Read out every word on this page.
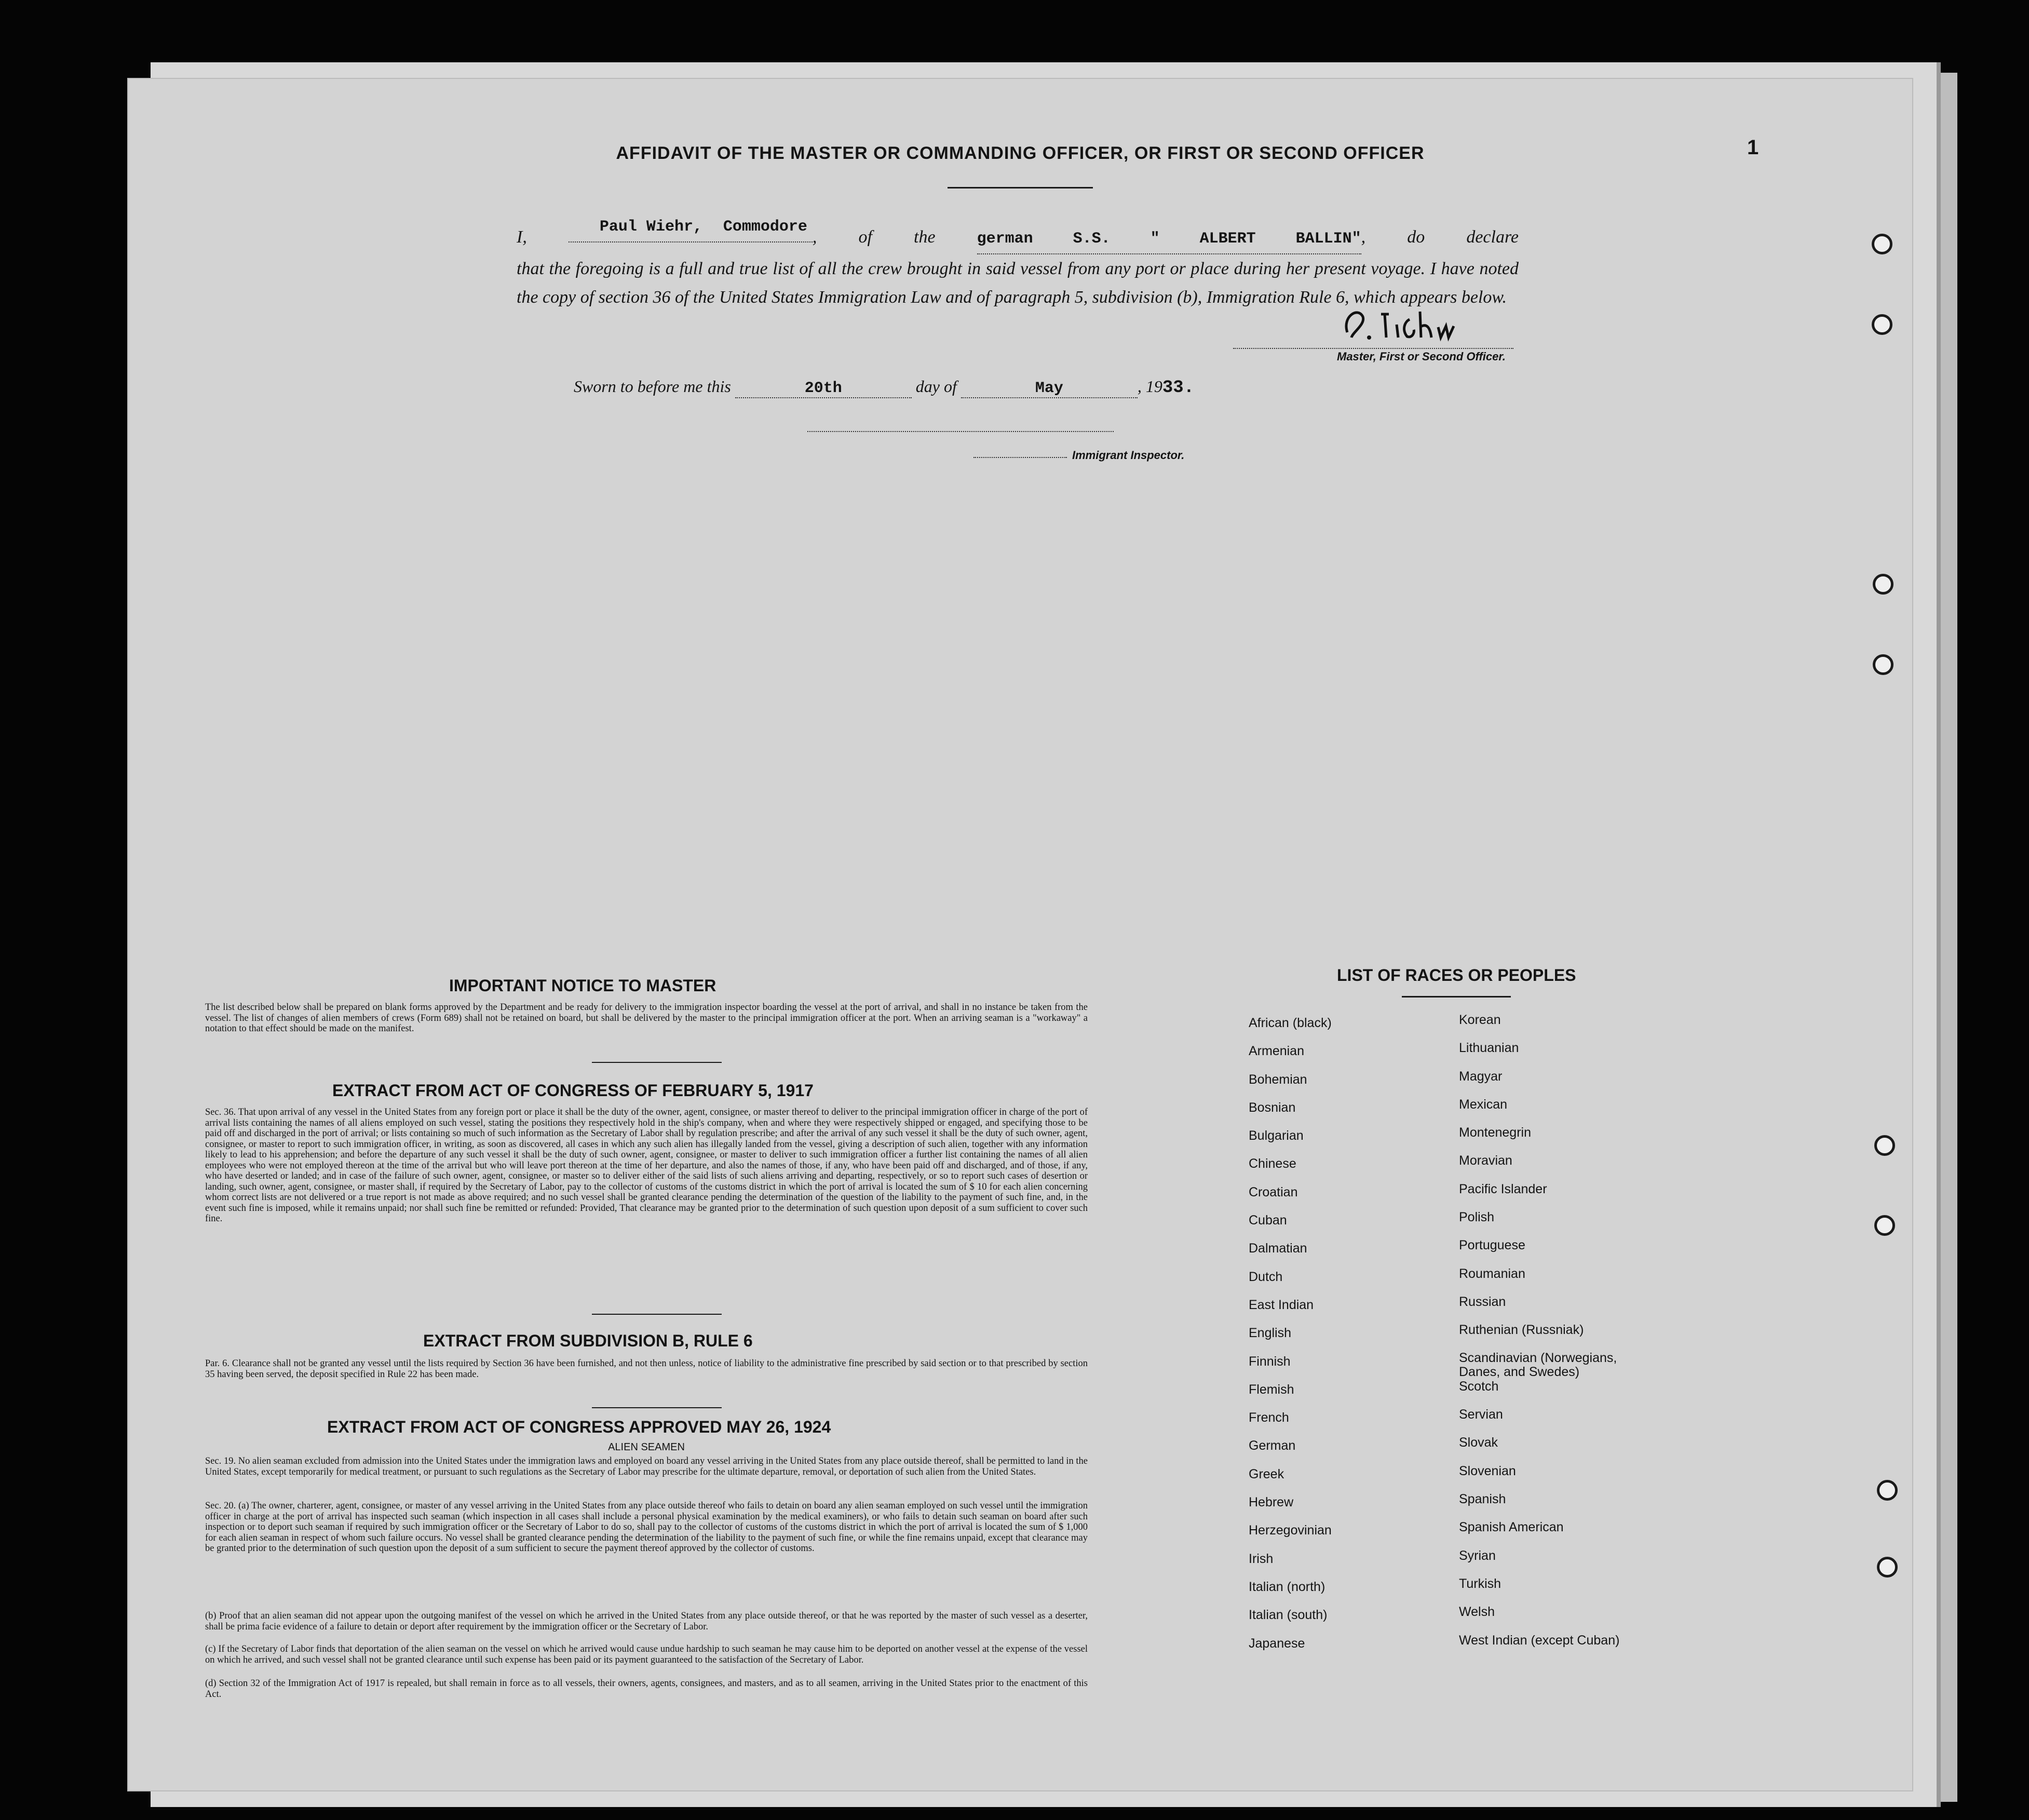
1
AFFIDAVIT OF THE MASTER OR COMMANDING OFFICER, OR FIRST OR SECOND OFFICER
I,
Paul Wiehr, Commodore
, of the	german S.S. " ALBERT BALLIN", do declare
that the foregoing is a full and true list of all the crew brought in said vessel from any port or place during her present voyage. I have noted the copy of section 36 of the United States Immigration Law and of paragraph 5, subdivision (b), Immigration Rule 6, which appears below.
Master, First or Second Officer.
Sworn to before me this	20th	day of	May	, 1933.
Immigrant Inspector.
IMPORTANT NOTICE TO MASTER
The list described below shall be prepared on blank forms approved by the Department and be ready for delivery to the immigration inspector boarding the vessel at the port of arrival, and shall in no instance be taken from the vessel. The list of changes of alien members of crews (Form 689) shall not be retained on board, but shall be delivered by the master to the principal immigration officer at the port. When an arriving seaman is a "workaway" a notation to that effect should be made on the manifest.
EXTRACT FROM ACT OF CONGRESS OF FEBRUARY 5, 1917
Sec. 36. That upon arrival of any vessel in the United States from any foreign port or place it shall be the duty of the owner, agent, consignee, or master thereof to deliver to the principal immigration officer in charge of the port of arrival lists containing the names of all aliens employed on such vessel, stating the positions they respectively hold in the ship's company, when and where they were respectively shipped or engaged, and specifying those to be paid off and discharged in the port of arrival; or lists containing so much of such information as the Secretary of Labor shall by regulation prescribe; and after the arrival of any such vessel it shall be the duty of such owner, agent, consignee, or master to report to such immigration officer, in writing, as soon as discovered, all cases in which any such alien has illegally landed from the vessel, giving a description of such alien, together with any information likely to lead to his apprehension; and before the departure of any such vessel it shall be the duty of such owner, agent, consignee, or master to deliver to such immigration officer a further list containing the names of all alien employees who were not employed thereon at the time of the arrival but who will leave port thereon at the time of her departure, and also the names of those, if any, who have been paid off and discharged, and of those, if any, who have deserted or landed; and in case of the failure of such owner, agent, consignee, or master so to deliver either of the said lists of such aliens arriving and departing, respectively, or so to report such cases of desertion or landing, such owner, agent, consignee, or master shall, if required by the Secretary of Labor, pay to the collector of customs of the customs district in which the port of arrival is located the sum of $ 10 for each alien concerning whom correct lists are not delivered or a true report is not made as above required; and no such vessel shall be granted clearance pending the determination of the question of the liability to the payment of such fine, and, in the event such fine is imposed, while it remains unpaid; nor shall such fine be remitted or refunded: Provided, That clearance may be granted prior to the determination of such question upon deposit of a sum sufficient to cover such fine.
EXTRACT FROM SUBDIVISION B, RULE 6
Par. 6. Clearance shall not be granted any vessel until the lists required by Section 36 have been furnished, and not then unless, notice of liability to the administrative fine prescribed by said section or to that prescribed by section 35 having been served, the deposit specified in Rule 22 has been made.
EXTRACT FROM ACT OF CONGRESS APPROVED MAY 26, 1924
ALIEN SEAMEN
Sec. 19. No alien seaman excluded from admission into the United States under the immigration laws and employed on board any vessel arriving in the United States from any place outside thereof, shall be permitted to land in the United States, except temporarily for medical treatment, or pursuant to such regulations as the Secretary of Labor may prescribe for the ultimate departure, removal, or deportation of such alien from the United States.
Sec. 20. (a) The owner, charterer, agent, consignee, or master of any vessel arriving in the United States from any place outside thereof who fails to detain on board any alien seaman employed on such vessel until the immigration officer in charge at the port of arrival has inspected such seaman (which inspection in all cases shall include a personal physical examination by the medical examiners), or who fails to detain such seaman on board after such inspection or to deport such seaman if required by such immigration officer or the Secretary of Labor to do so, shall pay to the collector of customs of the customs district in which the port of arrival is located the sum of $ 1,000 for each alien seaman in respect of whom such failure occurs. No vessel shall be granted clearance pending the determination of the liability to the payment of such fine, or while the fine remains unpaid, except that clearance may be granted prior to the determination of such question upon the deposit of a sum sufficient to secure the payment thereof approved by the collector of customs.
(b) Proof that an alien seaman did not appear upon the outgoing manifest of the vessel on which he arrived in the United States from any place outside thereof, or that he was reported by the master of such vessel as a deserter, shall be prima facie evidence of a failure to detain or deport after requirement by the immigration officer or the Secretary of Labor.
(c) If the Secretary of Labor finds that deportation of the alien seaman on the vessel on which he arrived would cause undue hardship to such seaman he may cause him to be deported on another vessel at the expense of the vessel on which he arrived, and such vessel shall not be granted clearance until such expense has been paid or its payment guaranteed to the satisfaction of the Secretary of Labor.
(d) Section 32 of the Immigration Act of 1917 is repealed, but shall remain in force as to all vessels, their owners, agents, consignees, and masters, and as to all seamen, arriving in the United States prior to the enactment of this Act.
LIST OF RACES OR PEOPLES
African (black)
Armenian
Bohemian
Bosnian
Bulgarian
Chinese
Croatian
Cuban
Dalmatian
Dutch
East Indian
English
Finnish
Flemish
French
German
Greek
Hebrew
Herzegovinian
Irish
Italian (north)
Italian (south)
Japanese
Korean
Lithuanian
Magyar
Mexican
Montenegrin
Moravian
Pacific Islander
Polish
Portuguese
Roumanian
Russian
Ruthenian (Russniak)
Scandinavian (Norwegians, Danes, and Swedes)
Scotch
Servian
Slovak
Slovenian
Spanish
Spanish American
Syrian
Turkish
Welsh
West Indian (except Cuban)
